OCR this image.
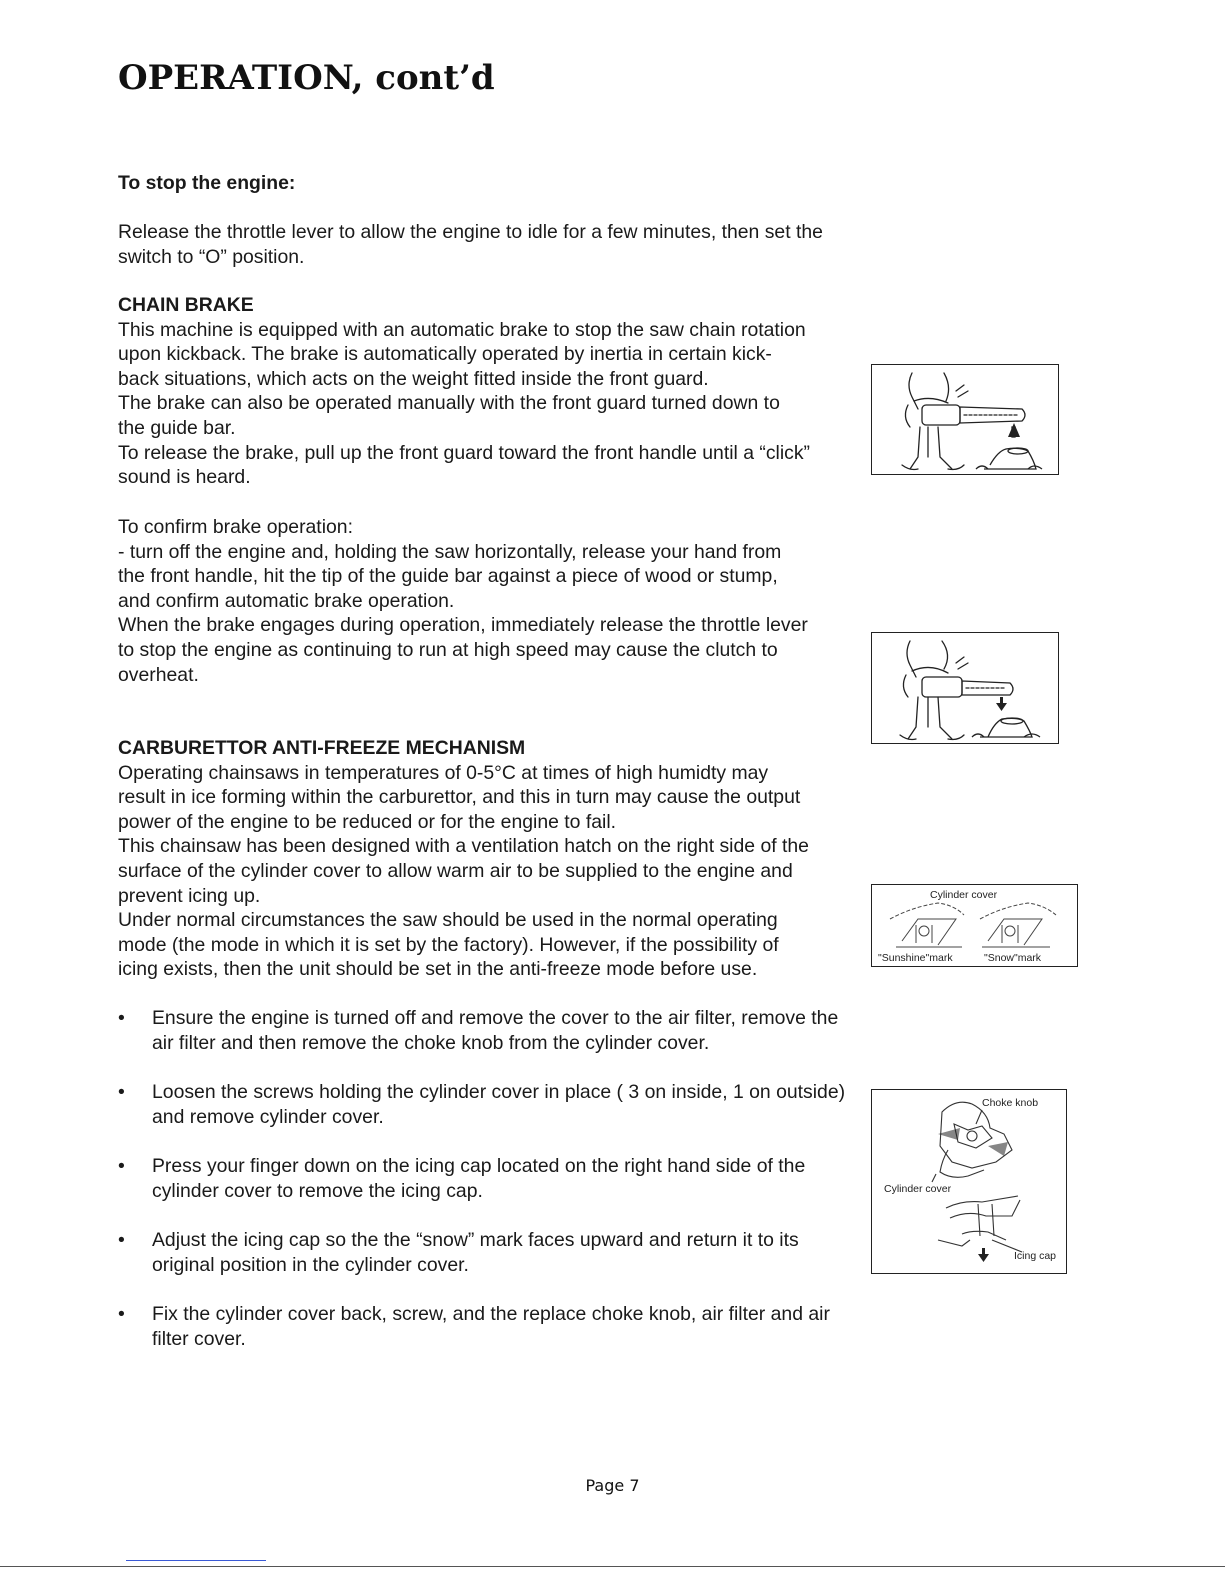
OPERATION, cont’d

To stop the engine:

Release the throttle lever to allow the engine to idle for a few minutes, then set the switch to “O” position.

CHAIN BRAKE

This machine is equipped with an automatic brake to stop the saw chain rotation

upon kickback. The brake is automatically operated by inertia in certain kick-

back situations, which acts on the weight fitted inside the front guard.

The brake can also be operated manually with the front guard turned down to

the guide bar.

To release the brake, pull up the front guard toward the front handle until a “click”

sound is heard.

To confirm brake operation:

- turn off the engine and, holding the saw horizontally, release your hand from

the front handle, hit the tip of the guide bar against a piece of wood or stump,

and confirm automatic brake operation.

When the brake engages during operation, immediately release the throttle lever

to stop the engine as continuing to run at high speed may cause the clutch to

overheat.

CARBURETTOR ANTI-FREEZE MECHANISM

Operating chainsaws in temperatures of 0-5°C at times of high humidty may

result in ice forming within the carburettor, and this in turn may cause the output

power of the engine to be reduced or for the engine to fail.

This chainsaw has been designed with a ventilation hatch on the right side of the

surface of the cylinder cover to allow warm air to be supplied to the engine and

prevent icing up.

Under normal circumstances the saw should be used in the normal operating

mode (the mode in which it is set by the factory). However, if the possibility of

icing exists, then the unit should be set in the anti-freeze mode before use.

• Ensure the engine is turned off and remove the cover to the air filter, remove the air filter and then remove the choke knob from the cylinder cover.
• Loosen the screws holding the cylinder cover in place ( 3 on inside, 1 on outside) and remove cylinder cover.
• Press your finger down on the icing cap located on the right hand side of the cylinder cover to remove the icing cap.
• Adjust the icing cap so the the “snow” mark faces upward and return it to its original position in the cylinder cover.
• Fix the cylinder cover back, screw, and the replace choke knob, air filter and air filter cover.
Cylinder cover
"Sunshine"mark	"Snow"mark
Choke knob
Cylinder cover
Icing cap
Page 7
